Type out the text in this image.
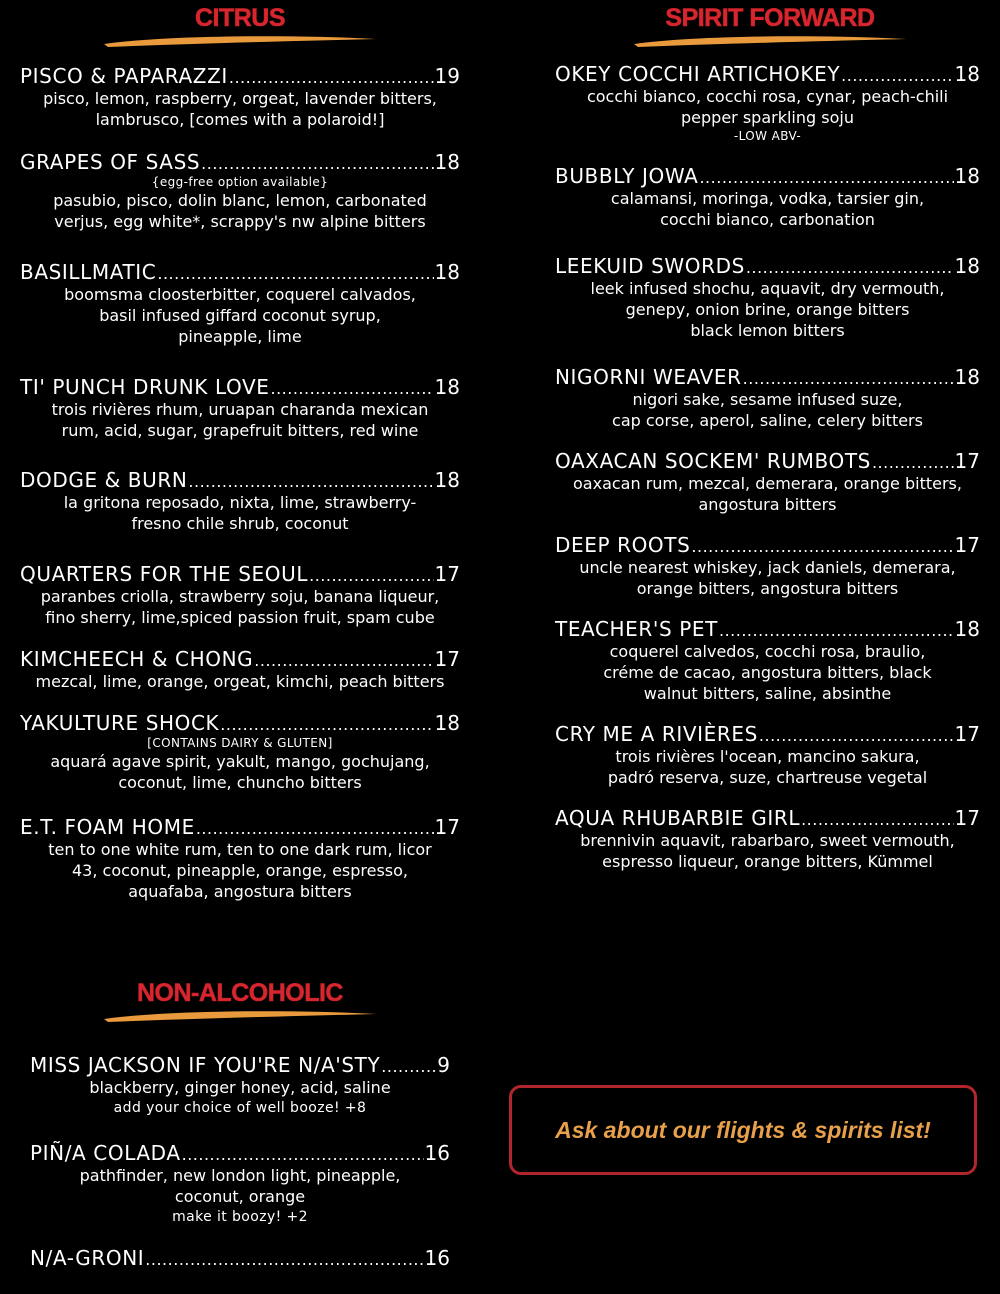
CITRUS	SPIRIT FORWARD
NON-ALCOHOLIC
PISCO & PAPARAZZI .....	19
pisco, lemon, raspberry, orgeat, lavender bitters,
lambrusco, [comes with a polaroid!]
GRAPES OF SASS .....	18
{egg-free option available}
pasubio, pisco, dolin blanc, lemon, carbonated
verjus, egg white*, scrappy's nw alpine bitters
BASILLMATIC .....	18
boomsma cloosterbitter, coquerel calvados,
basil infused giffard coconut syrup,
pineapple, lime
TI' PUNCH DRUNK LOVE .....	18
trois rivières rhum, uruapan charanda mexican
rum, acid, sugar, grapefruit bitters, red wine
DODGE & BURN .....	18
la gritona reposado, nixta, lime, strawberry-
fresno chile shrub, coconut
QUARTERS FOR THE SEOUL .....	17
paranbes criolla, strawberry soju, banana liqueur,
fino sherry, lime,spiced passion fruit, spam cube
KIMCHEECH & CHONG .....	17
mezcal, lime, orange, orgeat, kimchi, peach bitters
YAKULTURE SHOCK .....	18
[CONTAINS DAIRY & GLUTEN]
aquará agave spirit, yakult, mango, gochujang,
coconut, lime, chuncho bitters
E.T. FOAM HOME .....	17
ten to one white rum, ten to one dark rum, licor
43, coconut, pineapple, orange, espresso,
aquafaba, angostura bitters
OKEY COCCHI ARTICHOKEY .....	18
cocchi bianco, cocchi rosa, cynar, peach-chili
pepper sparkling soju
-LOW ABV-
BUBBLY JOWA .....	18
calamansi, moringa, vodka, tarsier gin,
cocchi bianco, carbonation
LEEKUID SWORDS .....	18
leek infused shochu, aquavit, dry vermouth,
genepy, onion brine, orange bitters
black lemon bitters
NIGORNI WEAVER .....	18
nigori sake, sesame infused suze,
cap corse, aperol, saline, celery bitters
OAXACAN SOCKEM' RUMBOTS .....	17
oaxacan rum, mezcal, demerara, orange bitters,
angostura bitters
DEEP ROOTS .....	17
uncle nearest whiskey, jack daniels, demerara,
orange bitters, angostura bitters
TEACHER'S PET .....	18
coquerel calvedos, cocchi rosa, braulio,
créme de cacao, angostura bitters, black
walnut bitters, saline, absinthe
CRY ME A RIVIÈRES .....	17
trois rivières l'ocean, mancino sakura,
padró reserva, suze, chartreuse vegetal
AQUA RHUBARBIE GIRL .....	17
brennivin aquavit, rabarbaro, sweet vermouth,
espresso liqueur, orange bitters, Kümmel
MISS JACKSON IF YOU'RE N/A'STY .....	9
blackberry, ginger honey, acid, saline
add your choice of well booze! +8
PIÑ/A COLADA .....	16
pathfinder, new london light, pineapple,
coconut, orange
make it boozy! +2
N/A-GRONI .....	16
Ask about our flights & spirits list!
